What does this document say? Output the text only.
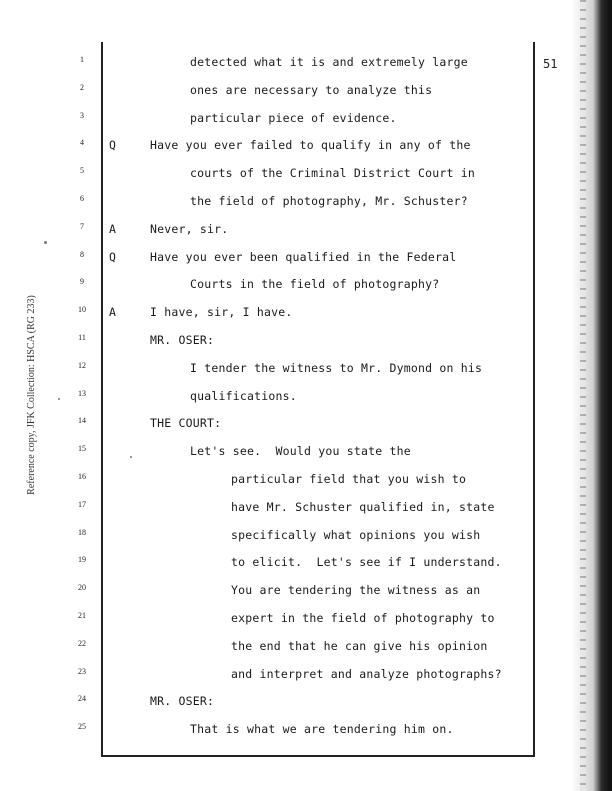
Reference copy, JFK Collection: HSCA (RG 233)
51
1	detected what it is and extremely large
2	ones are necessary to analyze this
3	particular piece of evidence.
4	Q	Have you ever failed to qualify in any of the
5	courts of the Criminal District Court in
6	the field of photography, Mr. Schuster?
7	A	Never, sir.
8	Q	Have you ever been qualified in the Federal
9	Courts in the field of photography?
10	A	I have, sir, I have.
11	MR. OSER:
12	I tender the witness to Mr. Dymond on his
13	qualifications.
14	THE COURT:
15	Let's see.  Would you state the
16	particular field that you wish to
17	have Mr. Schuster qualified in, state
18	specifically what opinions you wish
19	to elicit.  Let's see if I understand.
20	You are tendering the witness as an
21	expert in the field of photography to
22	the end that he can give his opinion
23	and interpret and analyze photographs?
24	MR. OSER:
25	That is what we are tendering him on.
